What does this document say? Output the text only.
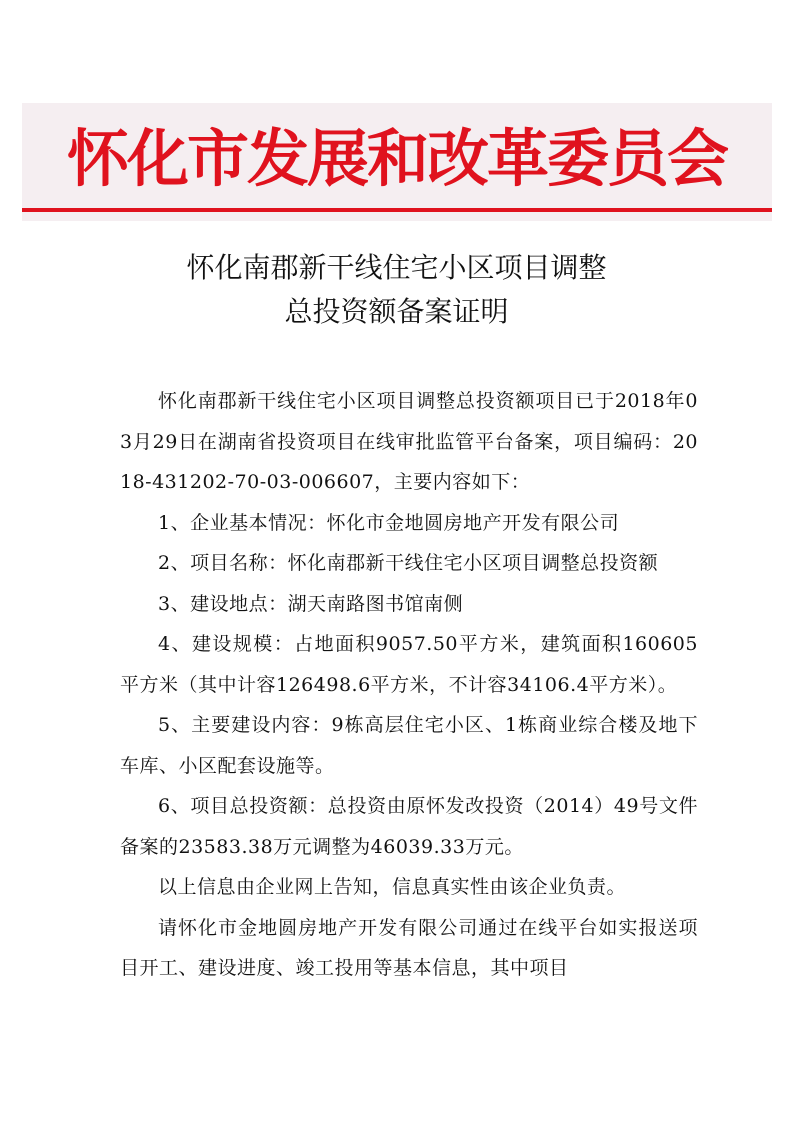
怀化市发展和改革委员会
怀化南郡新干线住宅小区项目调整
总投资额备案证明

怀化南郡新干线住宅小区项目调整总投资额项目已于2018年03月29日在湖南省投资项目在线审批监管平台备案，项目编码：2018-431202-70-03-006607，主要内容如下：

1、企业基本情况：怀化市金地圆房地产开发有限公司

2、项目名称：怀化南郡新干线住宅小区项目调整总投资额

3、建设地点：湖天南路图书馆南侧

4、建设规模：占地面积9057.50平方米，建筑面积160605平方米（其中计容126498.6平方米，不计容34106.4平方米）。

5、主要建设内容：9栋高层住宅小区、1栋商业综合楼及地下车库、小区配套设施等。

6、项目总投资额：总投资由原怀发改投资（2014）49号文件备案的23583.38万元调整为46039.33万元。

以上信息由企业网上告知，信息真实性由该企业负责。

请怀化市金地圆房地产开发有限公司通过在线平台如实报送项目开工、建设进度、竣工投用等基本信息，其中项目
